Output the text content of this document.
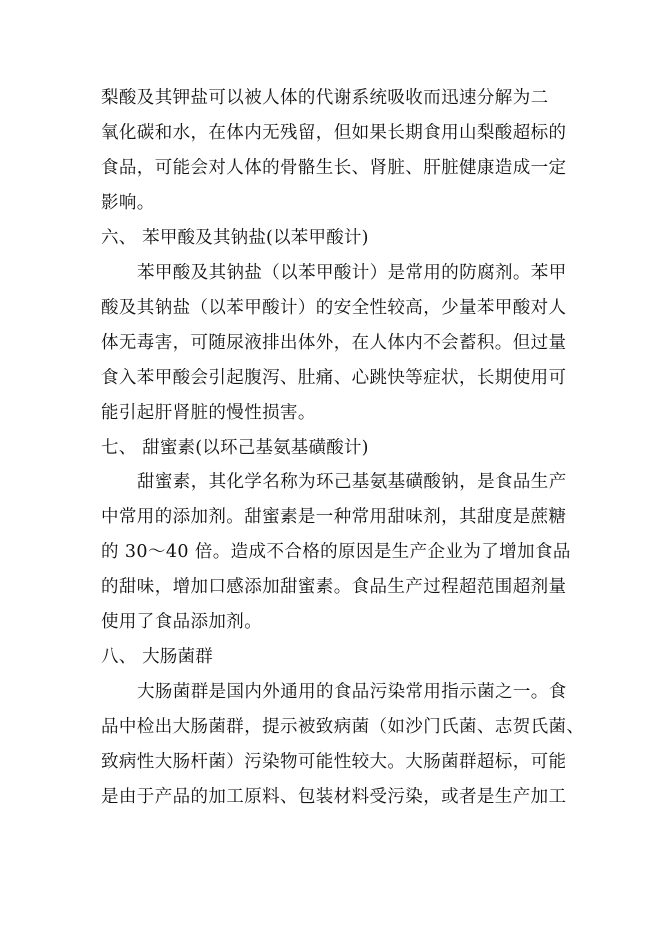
梨酸及其钾盐可以被人体的代谢系统吸收而迅速分解为二
氧化碳和水，在体内无残留，但如果长期食用山梨酸超标的
食品，可能会对人体的骨骼生长、肾脏、肝脏健康造成一定
影响。
六、 苯甲酸及其钠盐(以苯甲酸计)
苯甲酸及其钠盐（以苯甲酸计）是常用的防腐剂。苯甲
酸及其钠盐（以苯甲酸计）的安全性较高，少量苯甲酸对人
体无毒害，可随尿液排出体外，在人体内不会蓄积。但过量
食入苯甲酸会引起腹泻、肚痛、心跳快等症状，长期使用可
能引起肝肾脏的慢性损害。
七、 甜蜜素(以环己基氨基磺酸计)
甜蜜素，其化学名称为环己基氨基磺酸钠，是食品生产
中常用的添加剂。甜蜜素是一种常用甜味剂，其甜度是蔗糖
的 30～40 倍。造成不合格的原因是生产企业为了增加食品
的甜味，增加口感添加甜蜜素。食品生产过程超范围超剂量
使用了食品添加剂。
八、 大肠菌群
大肠菌群是国内外通用的食品污染常用指示菌之一。食
品中检出大肠菌群，提示被致病菌（如沙门氏菌、志贺氏菌、
致病性大肠杆菌）污染物可能性较大。大肠菌群超标，可能
是由于产品的加工原料、包装材料受污染，或者是生产加工
